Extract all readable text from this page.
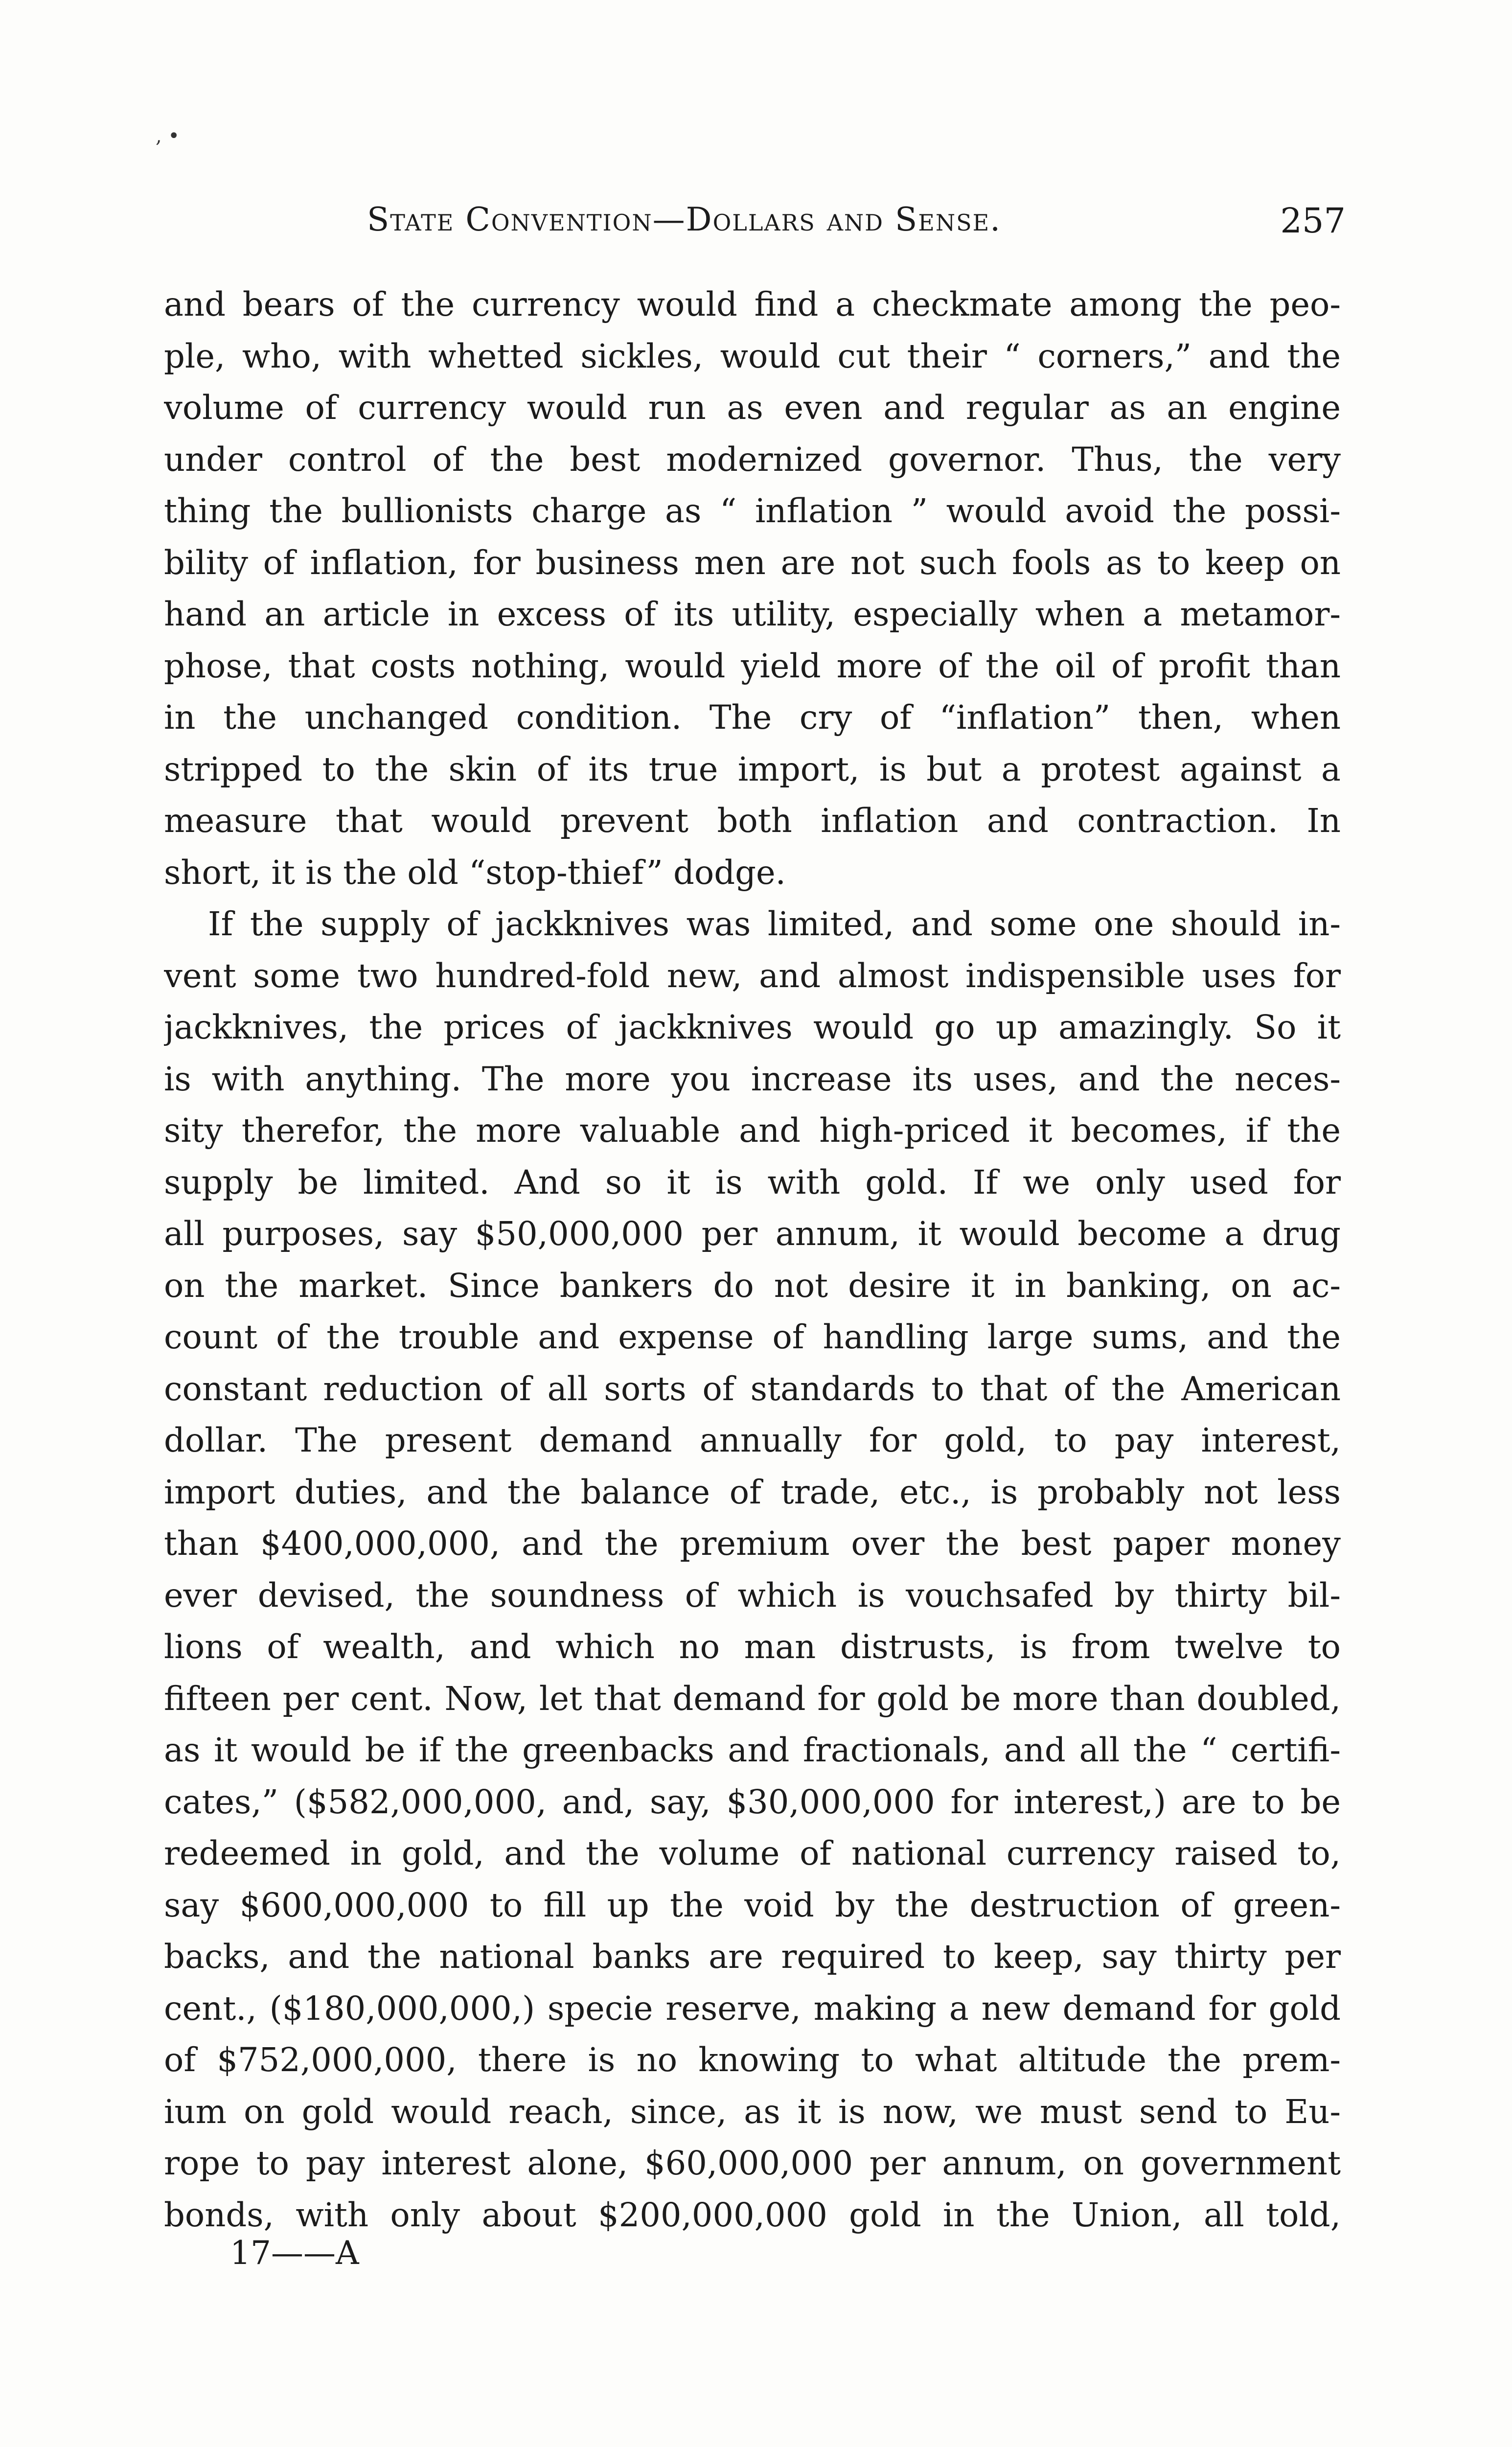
, •
State Convention—Dollars and Sense.	257
and bears of the currency would find a checkmate among the peo-
ple, who, with whetted sickles, would cut their “ corners,” and the
volume of currency would run as even and regular as an engine
under control of the best modernized governor. Thus, the very
thing the bullionists charge as “ inflation ” would avoid the possi-
bility of inflation, for business men are not such fools as to keep on
hand an article in excess of its utility, especially when a metamor-
phose, that costs nothing, would yield more of the oil of profit than
in the unchanged condition. The cry of “inflation” then, when
stripped to the skin of its true import, is but a protest against a
measure that would prevent both inflation and contraction. In
short, it is the old “stop-thief” dodge.
If the supply of jackknives was limited, and some one should in-
vent some two hundred-fold new, and almost indispensible uses for
jackknives, the prices of jackknives would go up amazingly. So it
is with anything. The more you increase its uses, and the neces-
sity therefor, the more valuable and high-priced it becomes, if the
supply be limited. And so it is with gold. If we only used for
all purposes, say $50,000,000 per annum, it would become a drug
on the market. Since bankers do not desire it in banking, on ac-
count of the trouble and expense of handling large sums, and the
constant reduction of all sorts of standards to that of the American
dollar. The present demand annually for gold, to pay interest,
import duties, and the balance of trade, etc., is probably not less
than $400,000,000, and the premium over the best paper money
ever devised, the soundness of which is vouchsafed by thirty bil-
lions of wealth, and which no man distrusts, is from twelve to
fifteen per cent. Now, let that demand for gold be more than doubled,
as it would be if the greenbacks and fractionals, and all the “ certifi-
cates,” ($582,000,000, and, say, $30,000,000 for interest,) are to be
redeemed in gold, and the volume of national currency raised to,
say $600,000,000 to fill up the void by the destruction of green-
backs, and the national banks are required to keep, say thirty per
cent., ($180,000,000,) specie reserve, making a new demand for gold
of $752,000,000, there is no knowing to what altitude the prem-
ium on gold would reach, since, as it is now, we must send to Eu-
rope to pay interest alone, $60,000,000 per annum, on government
bonds, with only about $200,000,000 gold in the Union, all told,
17——A
